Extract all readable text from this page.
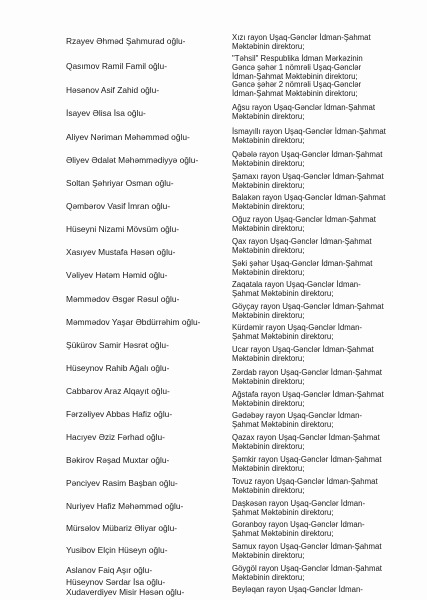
Rzayev Əhməd Şahmurad oğlu-	Xızı rayon Uşaq-Gənclər İdman-Şahmat
Məktəbinin direktoru;
Qasımov Ramil Famil oğlu-
"Təhsil" Respublika İdman Mərkəzinin
Gəncə şəhər 1 nömrəli Uşaq-Gənclər
İdman-Şahmat Məktəbinin direktoru;
Həsənov Asif Zahid oğlu-
Gəncə şəhər 2 nömrəli Uşaq-Gənclər
İdman-Şahmat Məktəbinin direktoru;
İsayev Əlisa İsa oğlu-
Ağsu rayon Uşaq-Gənclər İdman-Şahmat
Məktəbinin direktoru;
Aliyev Nəriman Məhəmməd oğlu-
İsmayıllı rayon Uşaq-Gənclər İdman-Şahmat
Məktəbinin direktoru;
Əliyev Ədalət Məhəmmədiyyə oğlu-
Qəbələ rayon Uşaq-Gənclər İdman-Şahmat
Məktəbinin direktoru;
Soltan Şəhriyar Osman oğlu-
Şamaxı rayon Uşaq-Gənclər İdman-Şahmat
Məktəbinin direktoru;
Qəmbərov Vasif İmran oğlu-
Balakən rayon Uşaq-Gənclər İdman-Şahmat
Məktəbinin direktoru;
Hüseyni Nizami Mövsüm oğlu-
Oğuz rayon Uşaq-Gənclər İdman-Şahmat
Məktəbinin direktoru;
Xasıyev Mustafa Həsən oğlu-
Qax rayon Uşaq-Gənclər İdman-Şahmat
Məktəbinin direktoru;
Vəliyev Hətəm Həmid oğlu-
Şəki şəhər Uşaq-Gənclər İdman-Şahmat
Məktəbinin direktoru;
Məmmədov Əsgər Rəsul oğlu-
Zaqatala rayon Uşaq-Gənclər İdman-
Şahmat Məktəbinin direktoru;
Məmmədov Yaşar Əbdürrəhim oğlu-
Göyçay rayon Uşaq-Gənclər İdman-Şahmat
Məktəbinin direktoru;
Şükürov Samir Həsrət oğlu-
Kürdəmir rayon Uşaq-Gənclər İdman-
Şahmat Məktəbinin direktoru;
Hüseynov Rahib Ağalı oğlu-
Ucar rayon Uşaq-Gənclər İdman-Şahmat
Məktəbinin direktoru;
Cabbarov Araz Alqayıt oğlu-
Zərdab rayon Uşaq-Gənclər İdman-Şahmat
Məktəbinin direktoru;
Fərzəliyev Abbas Hafiz oğlu-
Ağstafa rayon Uşaq-Gənclər İdman-Şahmat
Məktəbinin direktoru;
Hacıyev Əziz Fərhad oğlu-
Gədəbəy rayon Uşaq-Gənclər İdman-
Şahmat Məktəbinin direktoru;
Bəkirov Rəşad Muxtar oğlu-
Qazax rayon Uşaq-Gənclər İdman-Şahmat
Məktəbinin direktoru;
Pənciyev Rasim Başban oğlu-
Şəmkir rayon Uşaq-Gənclər İdman-Şahmat
Məktəbinin direktoru;
Nuriyev Hafiz Məhəmməd oğlu-
Tovuz rayon Uşaq-Gənclər İdman-Şahmat
Məktəbinin direktoru;
Mürsəlov Mübariz Əliyar oğlu-
Daşkəsən rayon Uşaq-Gənclər İdman-
Şahmat Məktəbinin direktoru;
Yusibov Elçin Hüseyn oğlu-
Goranboy rayon Uşaq-Gənclər İdman-
Şahmat Məktəbinin direktoru;
Aslanov Faiq Aşır oğlu-
Samux rayon Uşaq-Gənclər İdman-Şahmat
Məktəbinin direktoru;
Hüseynov Sərdar İsa oğlu-
Göygöl rayon Uşaq-Gənclər İdman-Şahmat
Məktəbinin direktoru;
Xudaverdiyev Misir Həsən oğlu-	Beyləqan rayon Uşaq-Gənclər İdman-
